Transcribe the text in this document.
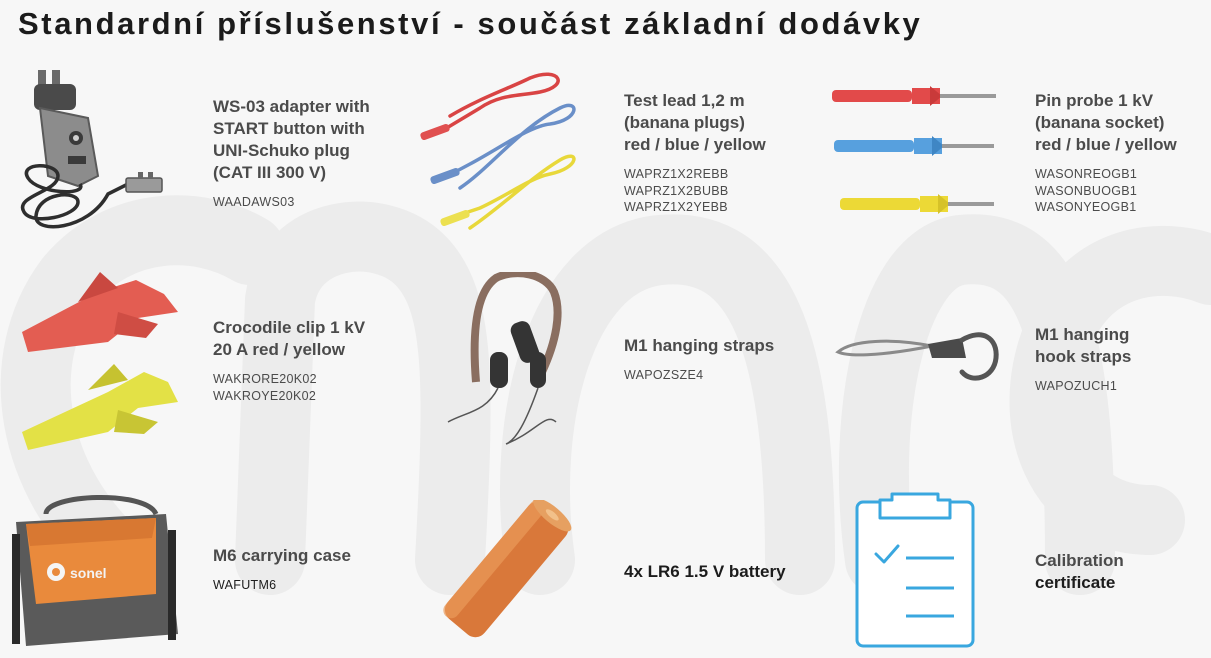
Standardní příslušenství - součást základní dodávky
WS-03 adapter with
START button with
UNI-Schuko plug
(CAT III 300 V)
WAADAWS03
Test lead 1,2 m
(banana plugs)
red / blue / yellow
WAPRZ1X2REBB
WAPRZ1X2BUBB
WAPRZ1X2YEBB
Pin probe 1 kV
(banana socket)
red / blue / yellow
WASONREOGB1
WASONBUOGB1
WASONYEOGB1
Crocodile clip 1 kV
20 A red / yellow
WAKRORE20K02
WAKROYE20K02
M1 hanging straps
WAPOZSZE4
M1 hanging
hook straps
WAPOZUCH1
sonel
M6 carrying case
WAFUTM6
4x LR6 1.5 V battery
Calibration
certificate
